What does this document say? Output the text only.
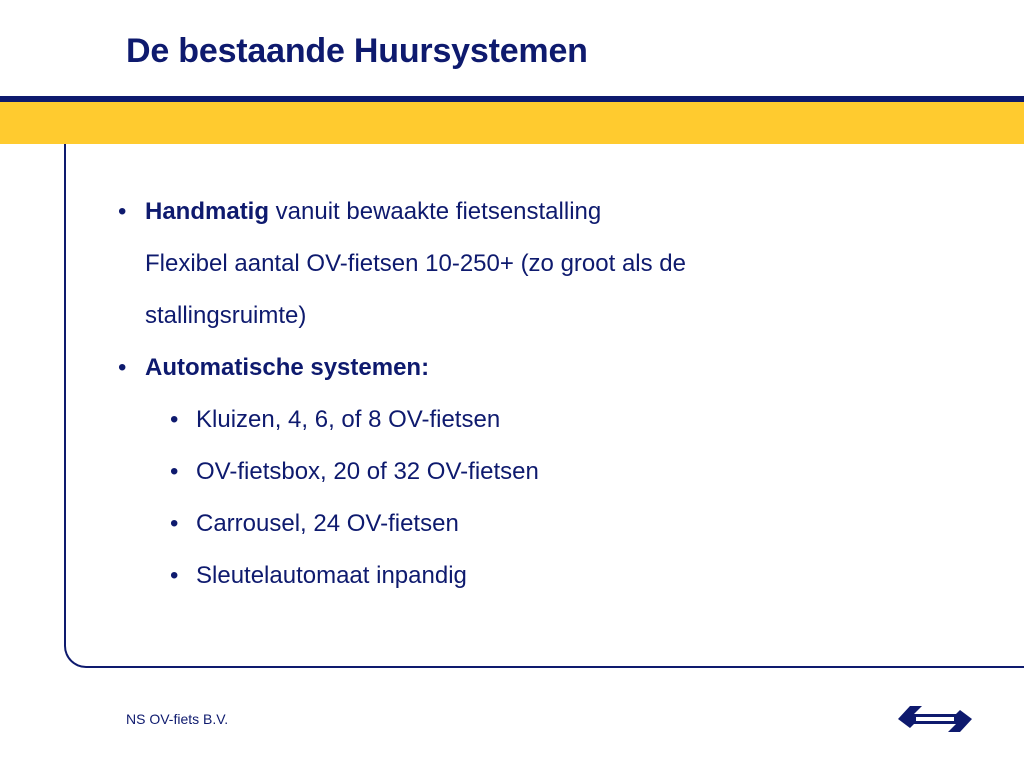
De bestaande Huursystemen
• Handmatig vanuit bewaakte fietsenstalling
Flexibel aantal OV-fietsen 10-250+ (zo groot als de
stallingsruimte)
• Automatische systemen:
• Kluizen, 4, 6, of 8 OV-fietsen
• OV-fietsbox, 20 of 32 OV-fietsen
• Carrousel, 24 OV-fietsen
• Sleutelautomaat inpandig
NS OV-fiets B.V.
